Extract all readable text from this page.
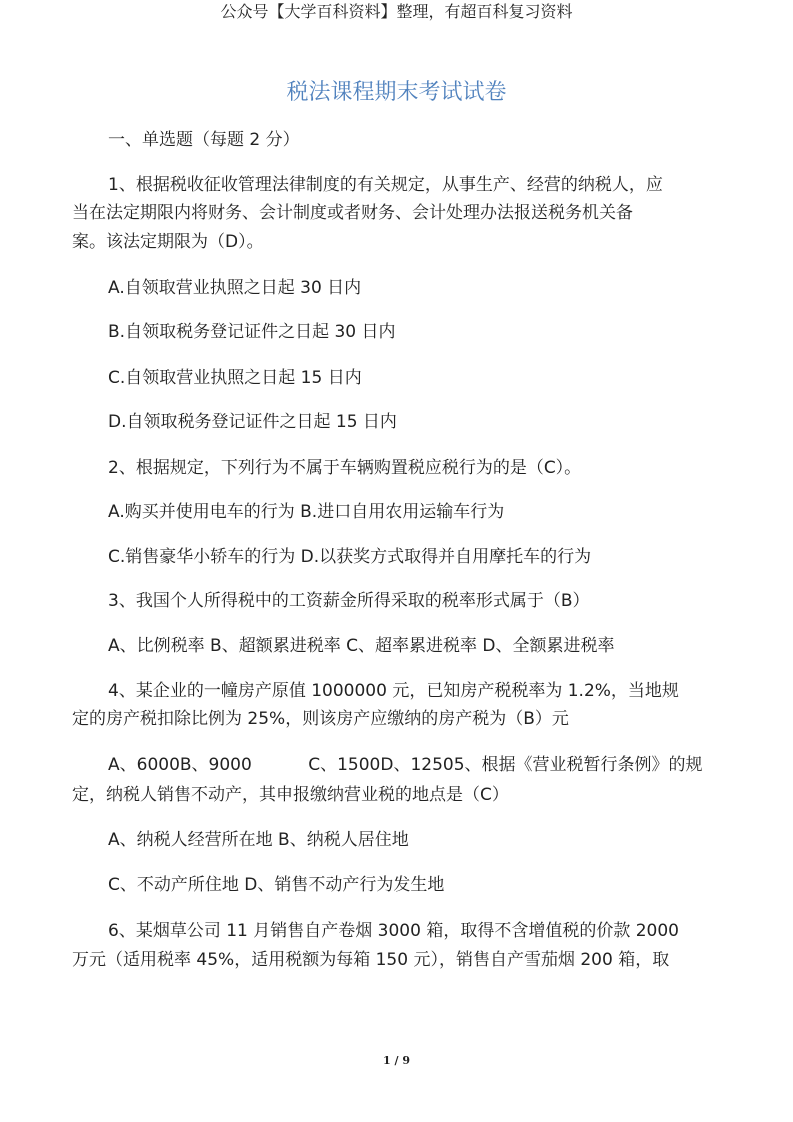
公众号【大学百科资料】整理，有超百科复习资料
税法课程期末考试试卷
一、单选题（每题 2 分）
1、根据税收征收管理法律制度的有关规定，从事生产、经营的纳税人，应
当在法定期限内将财务、会计制度或者财务、会计处理办法报送税务机关备
案。该法定期限为（D）。
A.自领取营业执照之日起 30 日内
B.自领取税务登记证件之日起 30 日内
C.自领取营业执照之日起 15 日内
D.自领取税务登记证件之日起 15 日内
2、根据规定，下列行为不属于车辆购置税应税行为的是（C）。
A.购买并使用电车的行为 B.进口自用农用运输车行为
C.销售豪华小轿车的行为 D.以获奖方式取得并自用摩托车的行为
3、我国个人所得税中的工资薪金所得采取的税率形式属于（B）
A、比例税率 B、超额累进税率 C、超率累进税率 D、全额累进税率
4、某企业的一幢房产原值 1000000 元，已知房产税税率为 1.2%，当地规
定的房产税扣除比例为 25%，则该房产应缴纳的房产税为（B）元
A、6000B、9000　　　 C、1500D、12505、根据《营业税暂行条例》的规
定，纳税人销售不动产，其申报缴纳营业税的地点是（C）
A、纳税人经营所在地 B、纳税人居住地
C、不动产所住地 D、销售不动产行为发生地
6、某烟草公司 11 月销售自产卷烟 3000 箱，取得不含增值税的价款 2000
万元（适用税率 45%，适用税额为每箱 150 元），销售自产雪茄烟 200 箱，取
1 / 9
